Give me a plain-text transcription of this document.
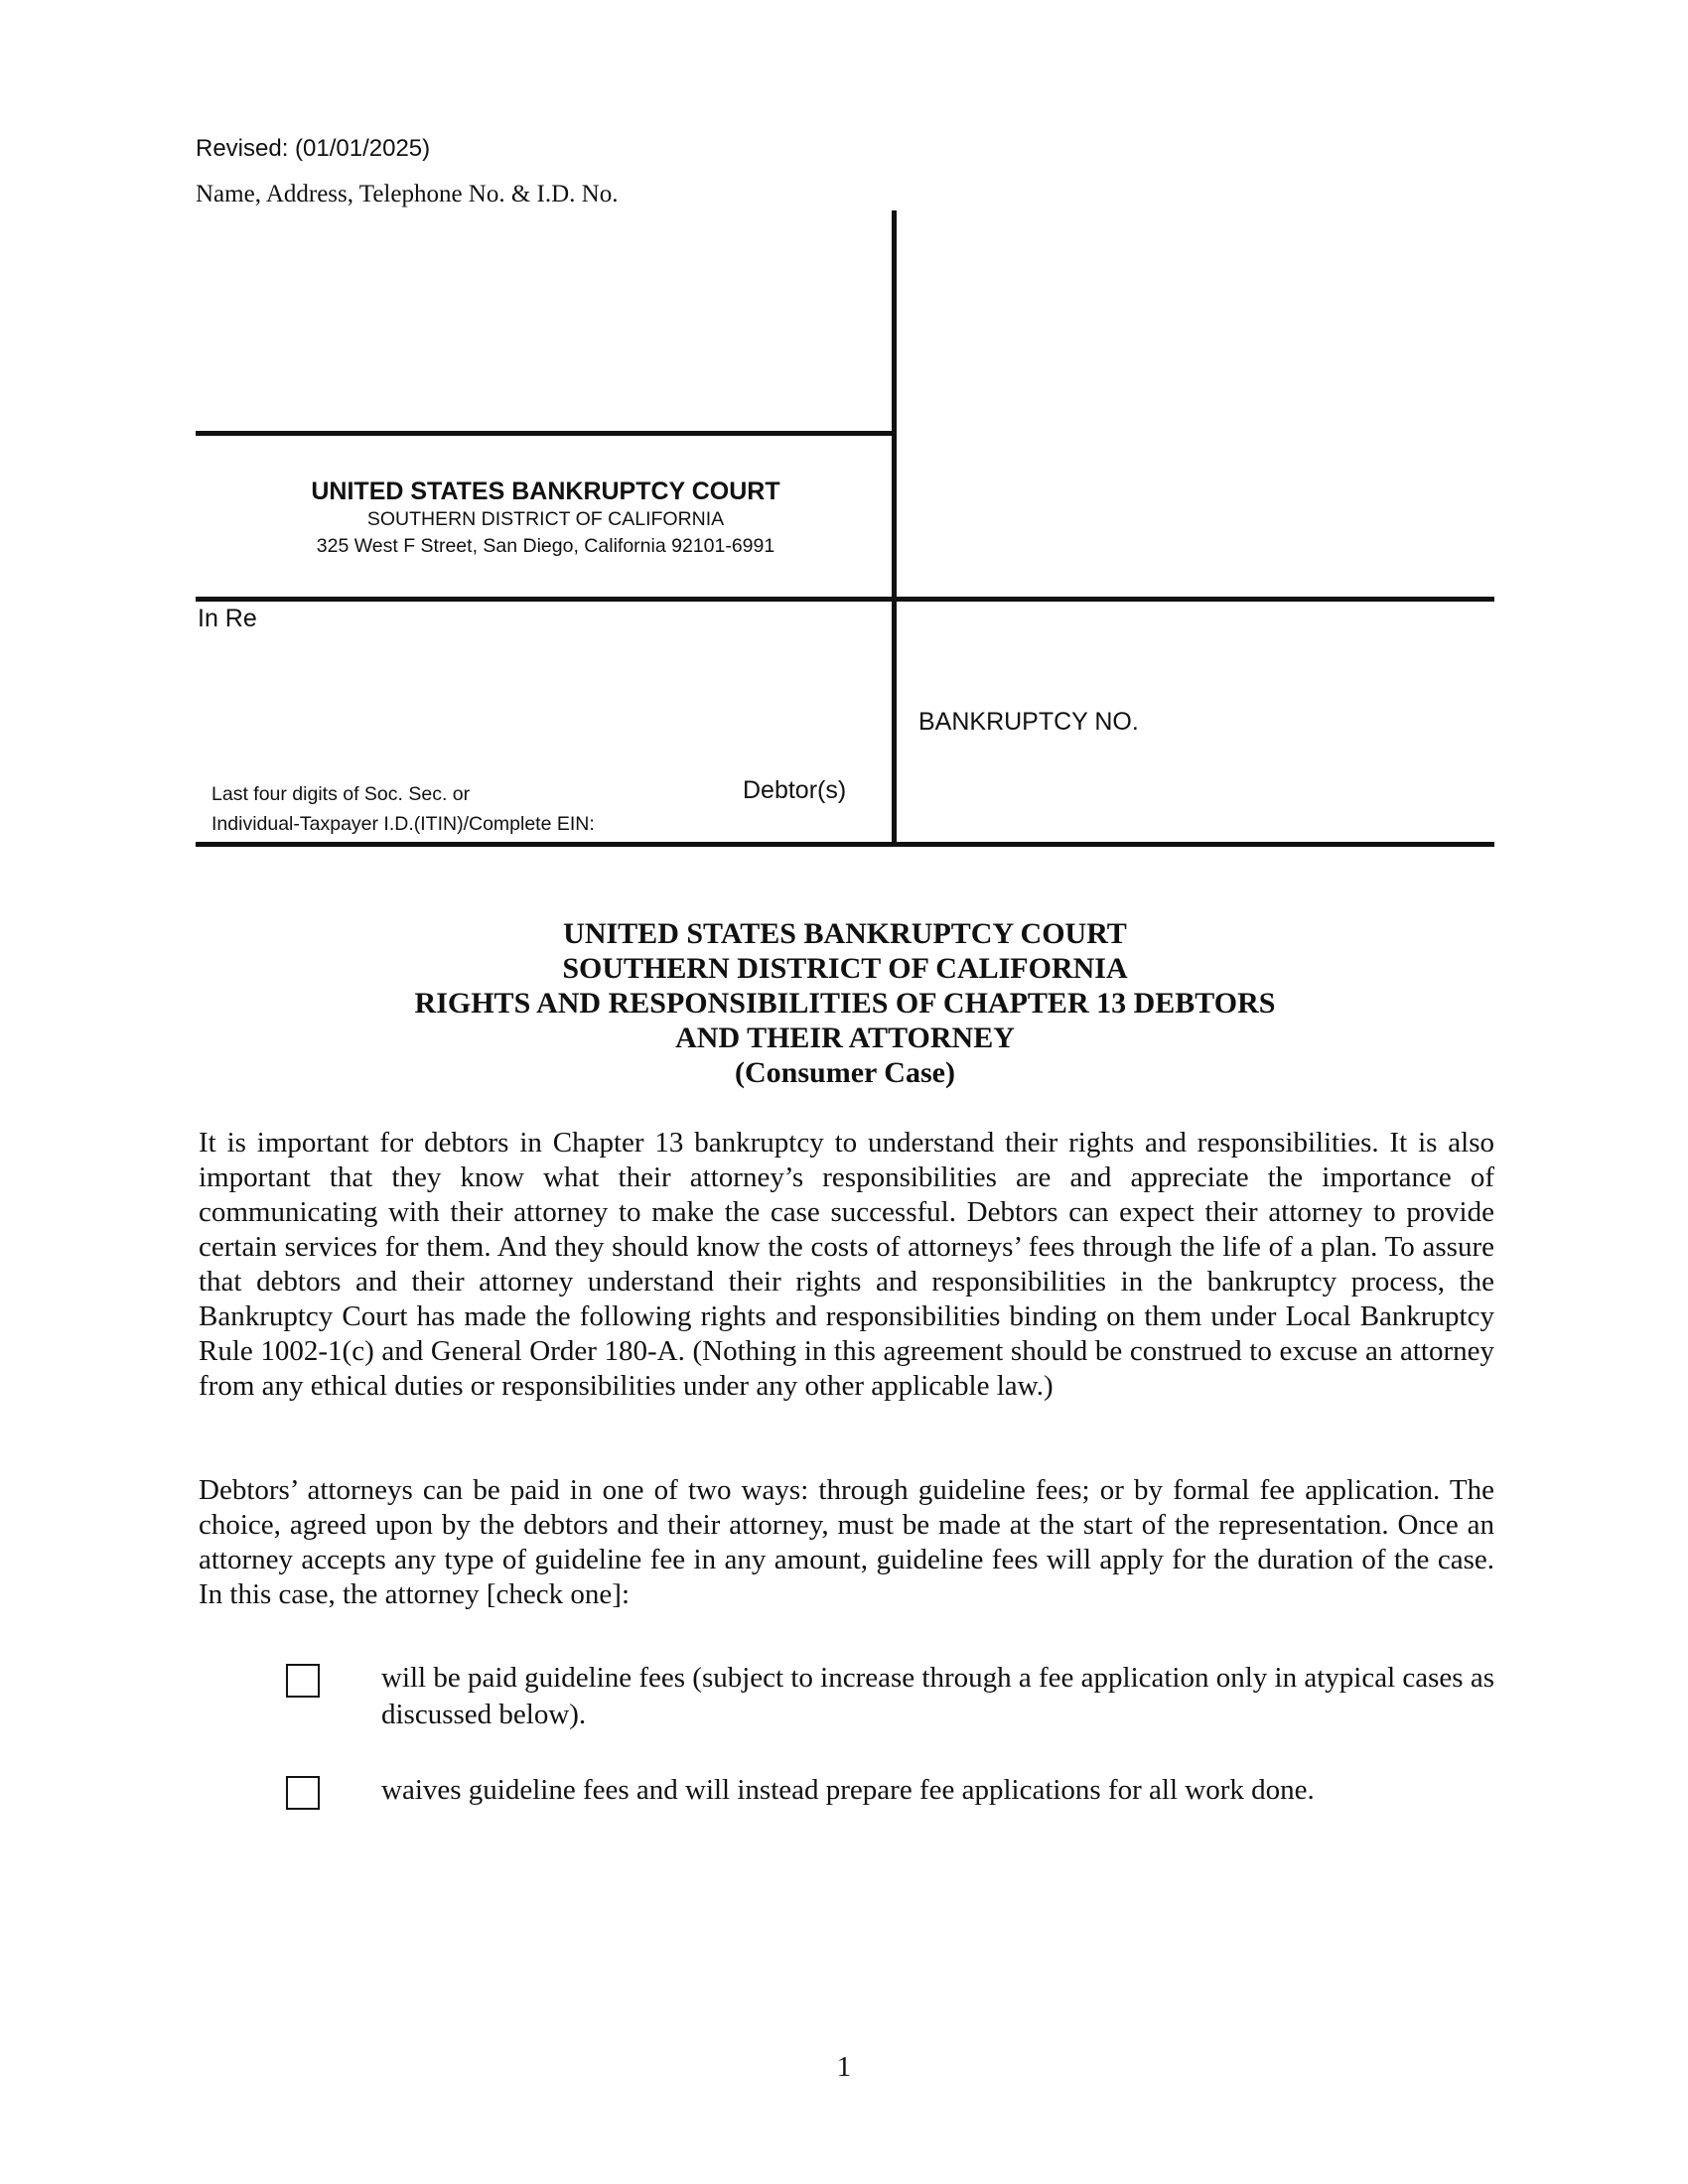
Revised: (01/01/2025)
Name, Address, Telephone No. & I.D. No.
UNITED STATES BANKRUPTCY COURT
SOUTHERN DISTRICT OF CALIFORNIA
325 West F Street, San Diego, California 92101-6991
In Re
Last four digits of Soc. Sec. or
Individual-Taxpayer I.D.(ITIN)/Complete EIN:
Debtor(s)
BANKRUPTCY NO.
UNITED STATES BANKRUPTCY COURT
SOUTHERN DISTRICT OF CALIFORNIA
RIGHTS AND RESPONSIBILITIES OF CHAPTER 13 DEBTORS
AND THEIR ATTORNEY
(Consumer Case)
It is important for debtors in Chapter 13 bankruptcy to understand their rights and responsibilities. It is also important that they know what their attorney’s responsibilities are and appreciate the importance of communicating with their attorney to make the case successful. Debtors can expect their attorney to provide certain services for them. And they should know the costs of attorneys’ fees through the life of a plan. To assure that debtors and their attorney understand their rights and responsibilities in the bankruptcy process, the Bankruptcy Court has made the following rights and responsibilities binding on them under Local Bankruptcy Rule 1002-1(c) and General Order 180-A. (Nothing in this agreement should be construed to excuse an attorney from any ethical duties or responsibilities under any other applicable law.)
Debtors’ attorneys can be paid in one of two ways: through guideline fees; or by formal fee application. The choice, agreed upon by the debtors and their attorney, must be made at the start of the representation. Once an attorney accepts any type of guideline fee in any amount, guideline fees will apply for the duration of the case. In this case, the attorney [check one]:
will be paid guideline fees (subject to increase through a fee application only in atypical cases as discussed below).
waives guideline fees and will instead prepare fee applications for all work done.
1
